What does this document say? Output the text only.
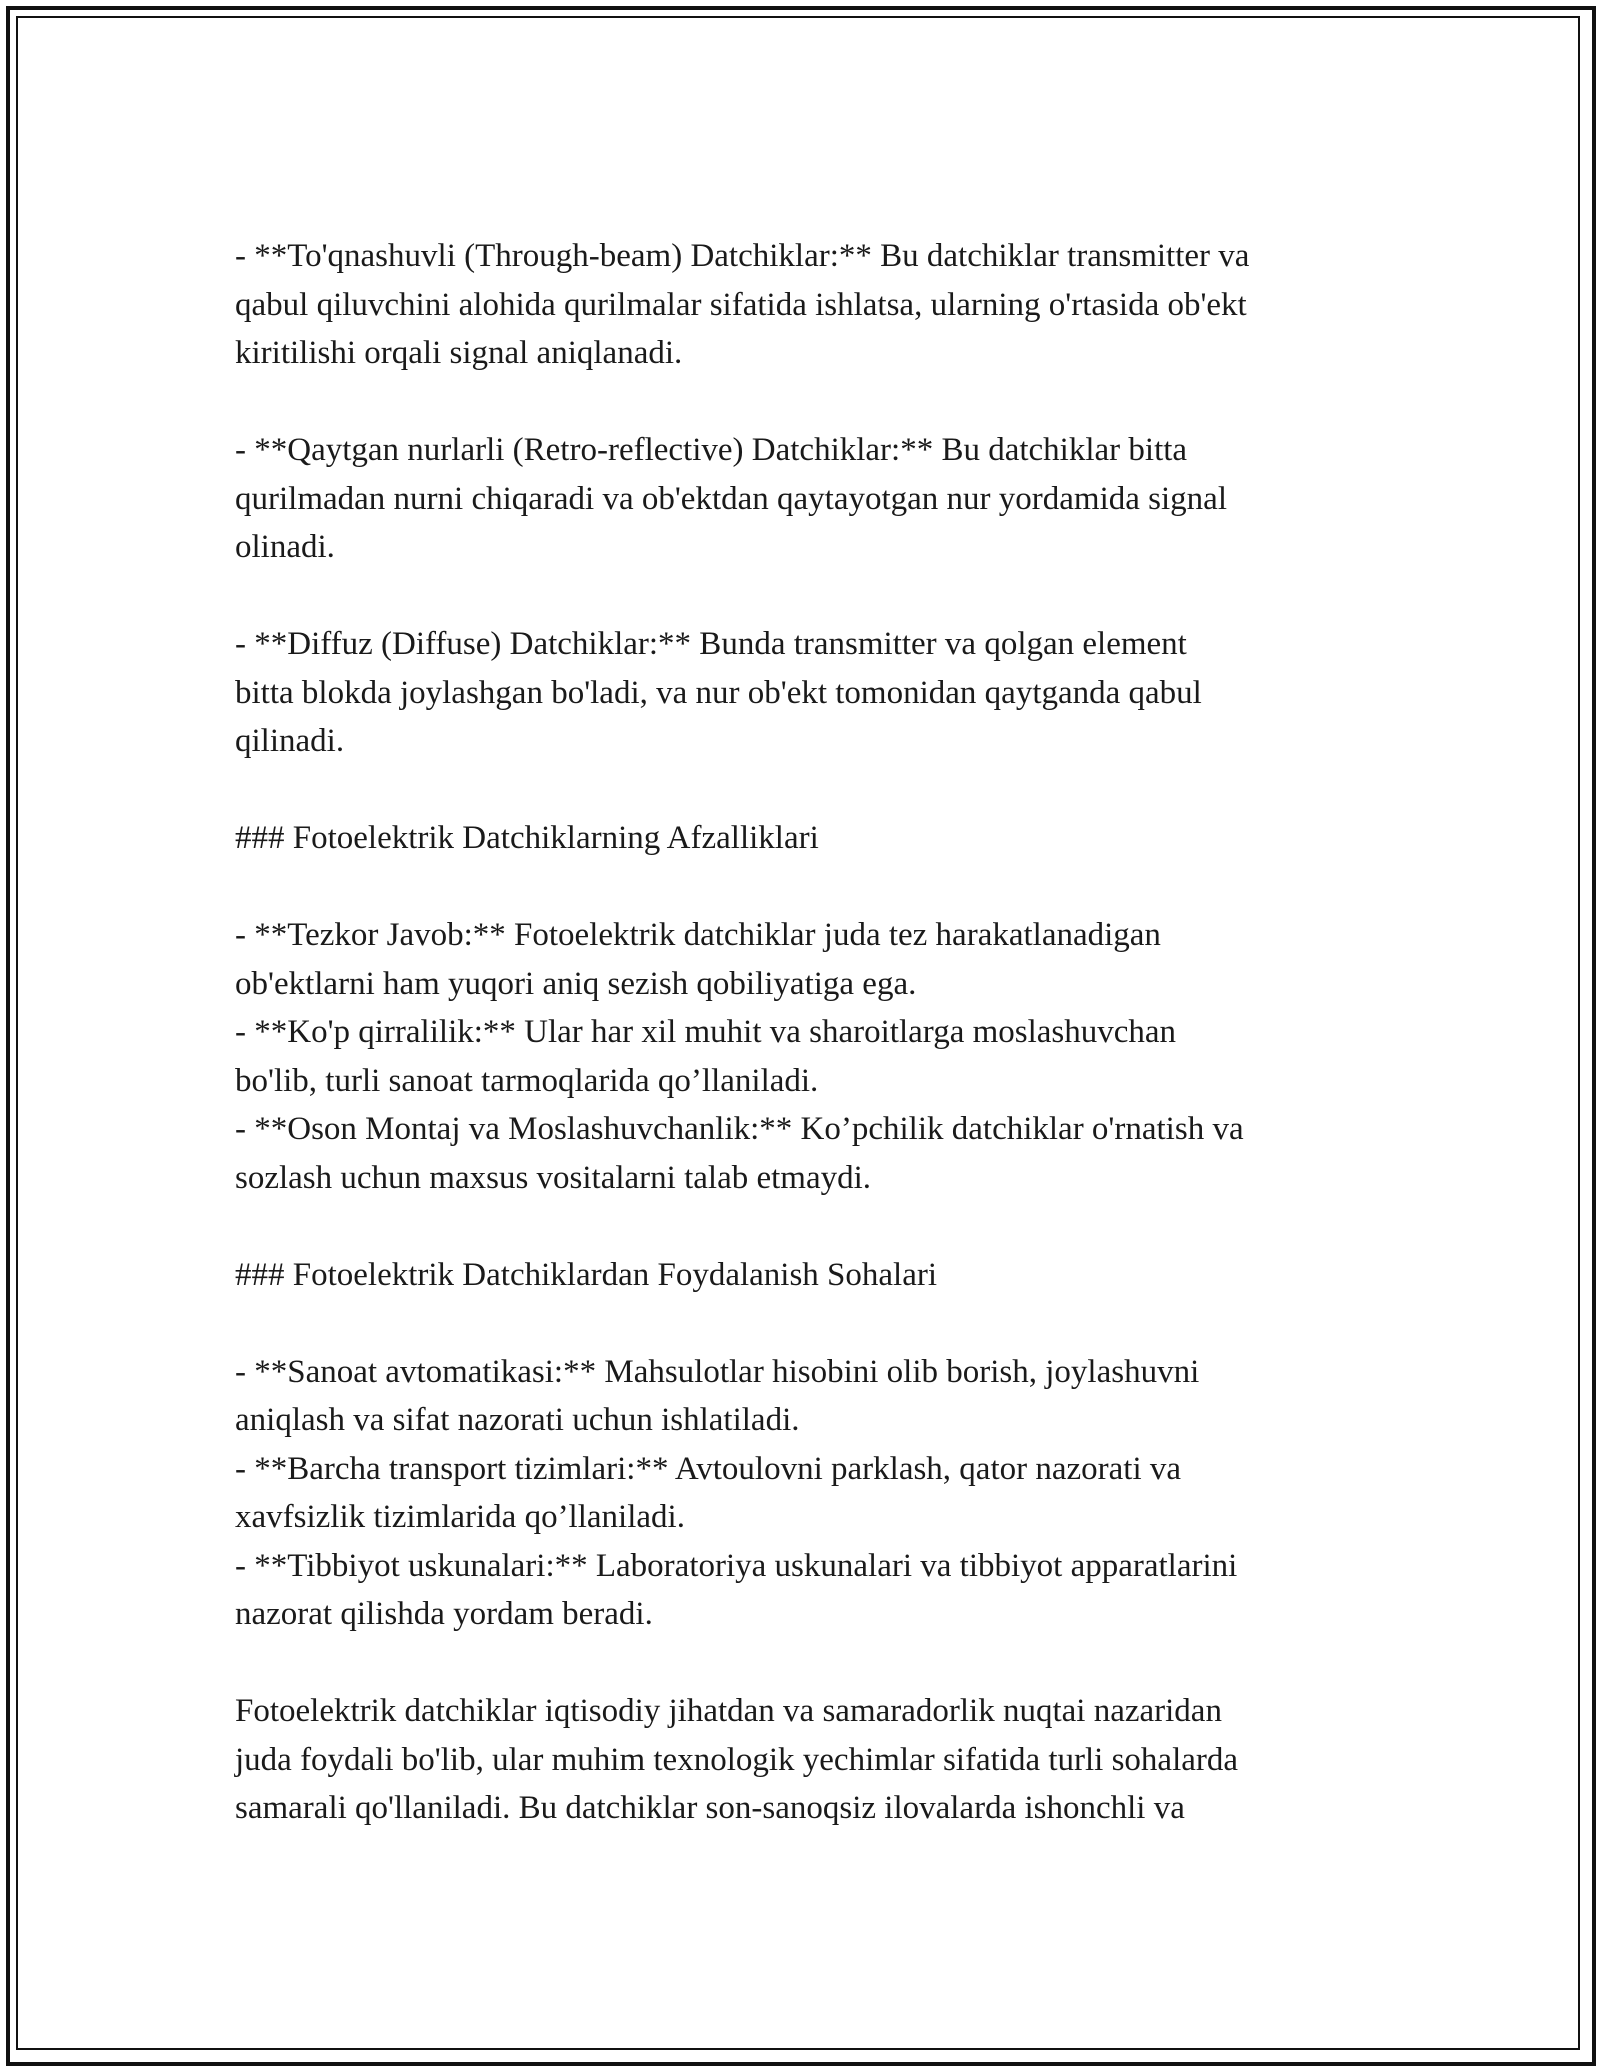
- **To'qnashuvli (Through-beam) Datchiklar:** Bu datchiklar transmitter va
qabul qiluvchini alohida qurilmalar sifatida ishlatsa, ularning o'rtasida ob'ekt
kiritilishi orqali signal aniqlanadi.
- **Qaytgan nurlarli (Retro-reflective) Datchiklar:** Bu datchiklar bitta
qurilmadan nurni chiqaradi va ob'ektdan qaytayotgan nur yordamida signal
olinadi.
- **Diffuz (Diffuse) Datchiklar:** Bunda transmitter va qolgan element
bitta blokda joylashgan bo'ladi, va nur ob'ekt tomonidan qaytganda qabul
qilinadi.
### Fotoelektrik Datchiklarning Afzalliklari
- **Tezkor Javob:** Fotoelektrik datchiklar juda tez harakatlanadigan
ob'ektlarni ham yuqori aniq sezish qobiliyatiga ega.
- **Ko'p qirralilik:** Ular har xil muhit va sharoitlarga moslashuvchan
bo'lib, turli sanoat tarmoqlarida qo’llaniladi.
- **Oson Montaj va Moslashuvchanlik:** Ko’pchilik datchiklar o'rnatish va
sozlash uchun maxsus vositalarni talab etmaydi.
### Fotoelektrik Datchiklardan Foydalanish Sohalari
- **Sanoat avtomatikasi:** Mahsulotlar hisobini olib borish, joylashuvni
aniqlash va sifat nazorati uchun ishlatiladi.
- **Barcha transport tizimlari:** Avtoulovni parklash, qator nazorati va
xavfsizlik tizimlarida qo’llaniladi.
- **Tibbiyot uskunalari:** Laboratoriya uskunalari va tibbiyot apparatlarini
nazorat qilishda yordam beradi.
Fotoelektrik datchiklar iqtisodiy jihatdan va samaradorlik nuqtai nazaridan
juda foydali bo'lib, ular muhim texnologik yechimlar sifatida turli sohalarda
samarali qo'llaniladi. Bu datchiklar son-sanoqsiz ilovalarda ishonchli va
